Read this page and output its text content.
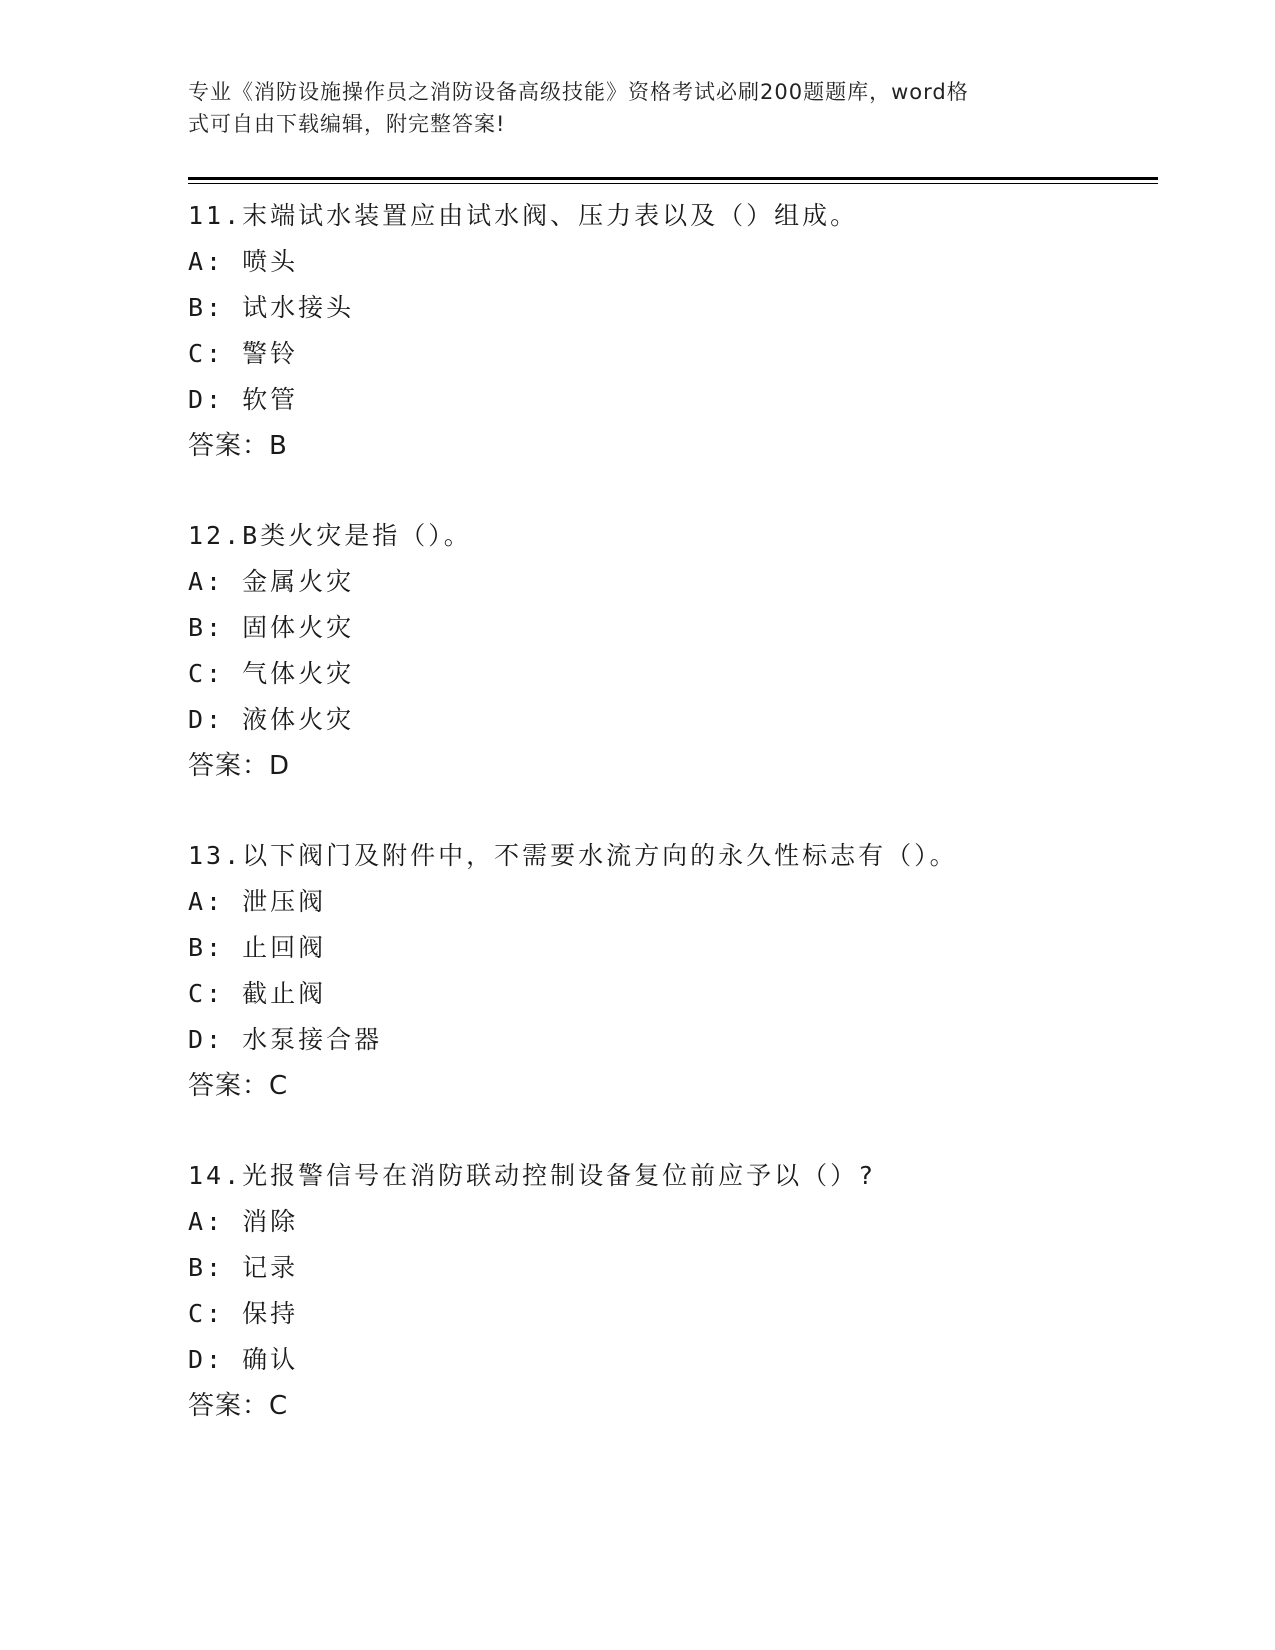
专业《消防设施操作员之消防设备高级技能》资格考试必刷200题题库，word格
式可自由下载编辑，附完整答案!
11.末端试水装置应由试水阀、压力表以及（）组成。
A: 喷头
B: 试水接头
C: 警铃
D: 软管
答案：B
12.B类火灾是指（）。
A: 金属火灾
B: 固体火灾
C: 气体火灾
D: 液体火灾
答案：D
13.以下阀门及附件中，不需要水流方向的永久性标志有（）。
A: 泄压阀
B: 止回阀
C: 截止阀
D: 水泵接合器
答案：C
14.光报警信号在消防联动控制设备复位前应予以（）?
A: 消除
B: 记录
C: 保持
D: 确认
答案：C
